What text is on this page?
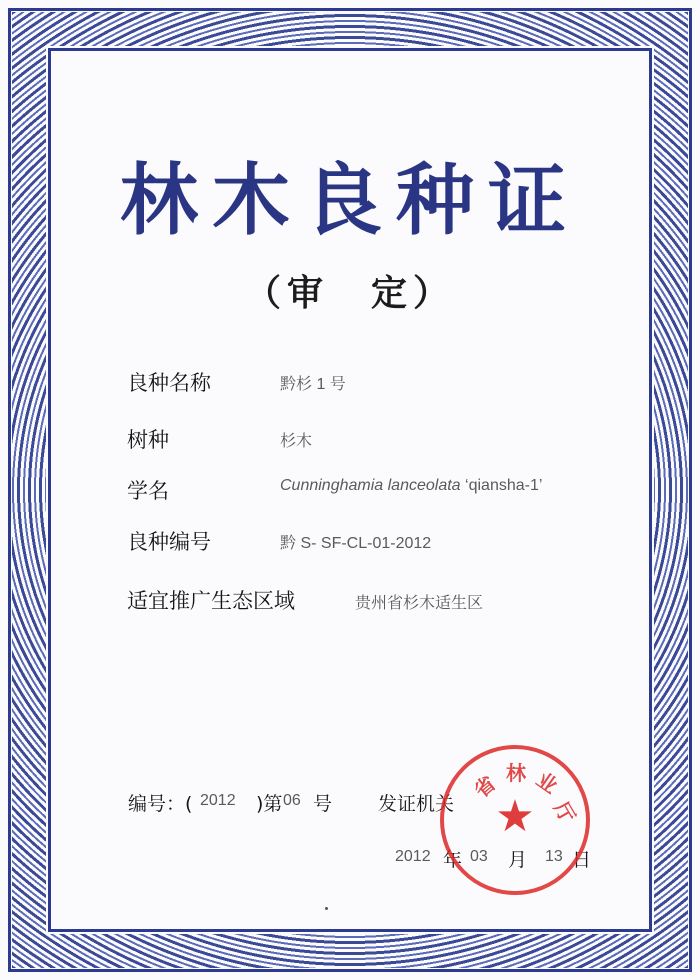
林木良种证
（审　定）
良种名称	黔杉 1 号
树种	杉木
学名	Cunninghamia lanceolata ‘qiansha-1’
良种编号	黔 S- SF-CL-01-2012
适宜推广生态区域	贵州省杉木适生区
编号：( 2012 )第 06 号 发证机关
2012 年 03 月 13 日
省 林 业
厅
★
